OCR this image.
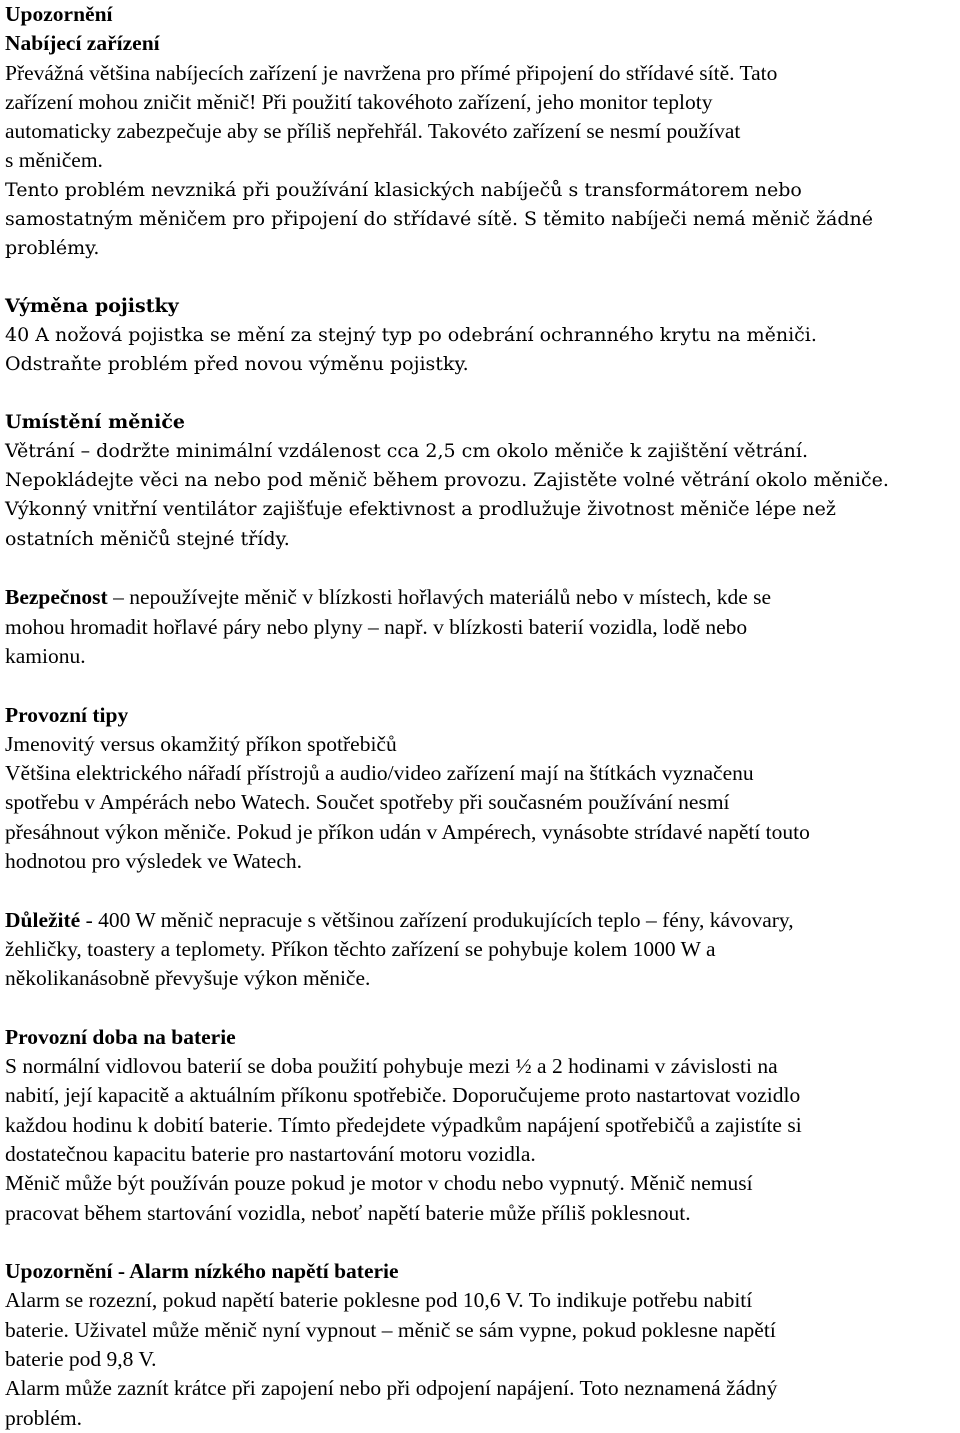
Upozornění

Nabíjecí zařízení

Převážná většina nabíjecích zařízení je navržena pro přímé připojení do střídavé sítě. Tato

zařízení mohou zničit měnič! Při použití takovéhoto zařízení, jeho monitor teploty

automaticky zabezpečuje aby se příliš nepřehřál. Takovéto zařízení se nesmí používat

s měničem.

Tento problém nevzniká při používání klasických nabíječů s transformátorem nebo

samostatným měničem pro připojení do střídavé sítě. S těmito nabíječi nemá měnič žádné

problémy.

Výměna pojistky

40 A nožová pojistka se mění za stejný typ po odebrání ochranného krytu na měniči.

Odstraňte problém před novou výměnu pojistky.

Umístění měniče

Větrání – dodržte minimální vzdálenost cca 2,5 cm okolo měniče k zajištění větrání.

Nepokládejte věci na nebo pod měnič během provozu. Zajistěte volné větrání okolo měniče.

Výkonný vnitřní ventilátor zajišťuje efektivnost a prodlužuje životnost měniče lépe než

ostatních měničů stejné třídy.

Bezpečnost – nepoužívejte měnič v blízkosti hořlavých materiálů nebo v místech, kde se

mohou hromadit hořlavé páry nebo plyny – např. v blízkosti baterií vozidla, lodě nebo

kamionu.

Provozní tipy

Jmenovitý versus okamžitý příkon spotřebičů

Většina elektrického nářadí přístrojů a audio/video zařízení mají na štítkách vyznačenu

spotřebu v Ampérách nebo Watech. Součet spotřeby při současném používání nesmí

přesáhnout výkon měniče. Pokud je příkon udán v Ampérech, vynásobte strídavé napětí touto

hodnotou pro výsledek ve Watech.

Důležité - 400 W měnič nepracuje s většinou zařízení produkujících teplo – fény, kávovary,

žehličky, toastery a teplomety. Příkon těchto zařízení se pohybuje kolem 1000 W a

několikanásobně převyšuje výkon měniče.

Provozní doba na baterie

S normální vidlovou baterií se doba použití pohybuje mezi ½ a 2 hodinami v závislosti na

nabití, její kapacitě a aktuálním příkonu spotřebiče. Doporučujeme proto nastartovat vozidlo

každou hodinu k dobití baterie. Tímto předejdete výpadkům napájení spotřebičů a zajistíte si

dostatečnou kapacitu baterie pro nastartování motoru vozidla.

Měnič může být používán pouze pokud je motor v chodu nebo vypnutý. Měnič nemusí

pracovat během startování vozidla, neboť napětí baterie může příliš poklesnout.

Upozornění - Alarm nízkého napětí baterie

Alarm se rozezní, pokud napětí baterie poklesne pod 10,6 V. To indikuje potřebu nabití

baterie. Uživatel může měnič nyní vypnout – měnič se sám vypne, pokud poklesne napětí

baterie pod 9,8 V.

Alarm může zaznít krátce při zapojení nebo při odpojení napájení. Toto neznamená žádný

problém.
